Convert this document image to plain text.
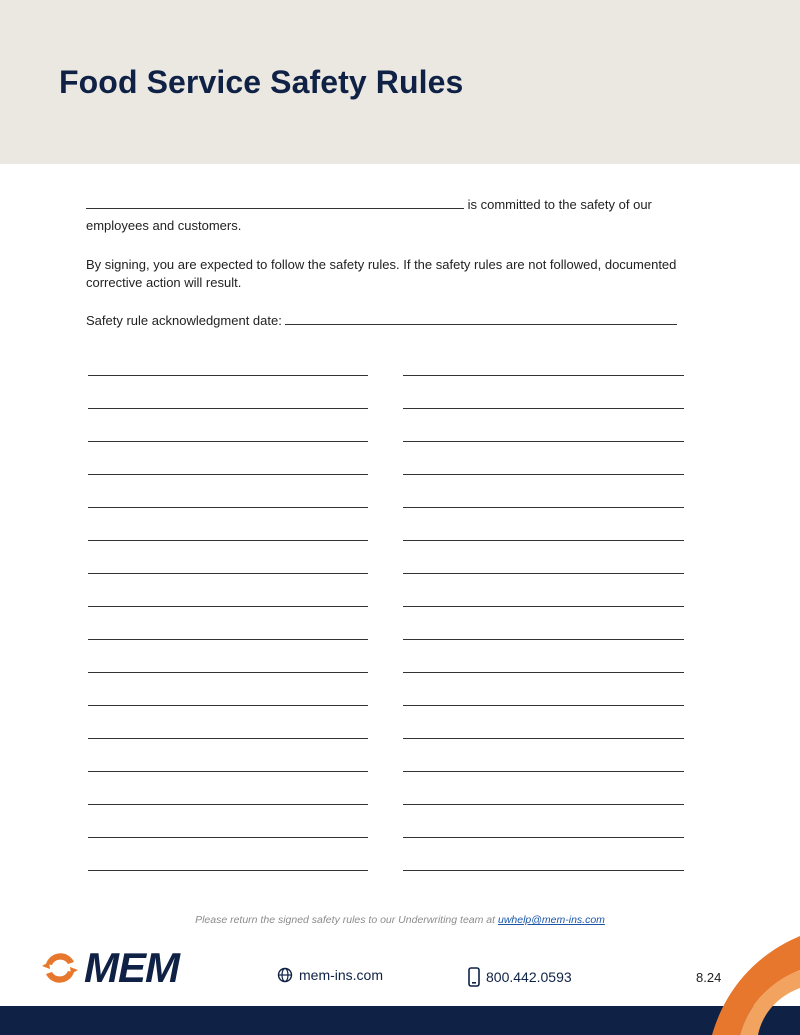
Food Service Safety Rules
is committed to the safety of our
employees and customers.
By signing, you are expected to follow the safety rules. If the safety rules are not followed, documented
corrective action will result.
Safety rule acknowledgment date:
Please return the signed safety rules to our Underwriting team at uwhelp@mem-ins.com
MEM	mem-ins.com	800.442.0593	8.24
